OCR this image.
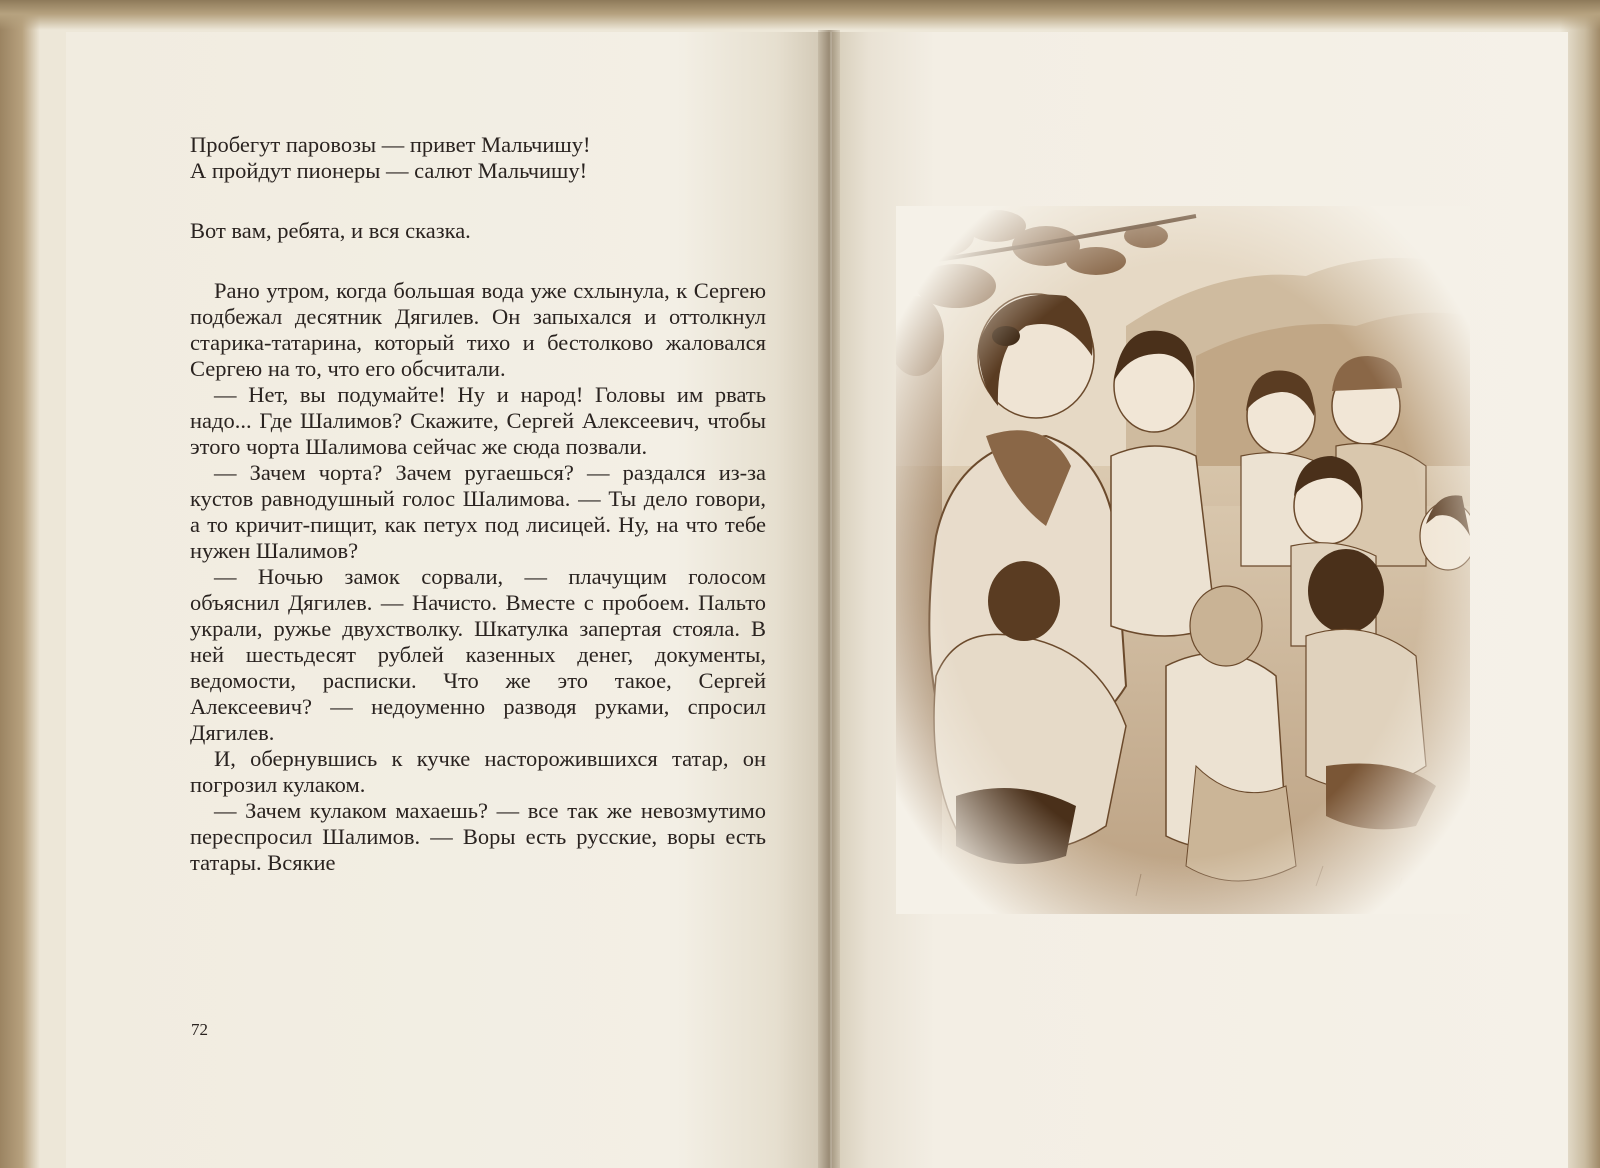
Пробегут паровозы — привет Мальчишу!

А пройдут пионеры — салют Мальчишу!

Вот вам, ребята, и вся сказка.

Рано утром, когда большая вода уже схлынула, к Сергею подбежал десятник Дягилев. Он запыхался и оттолкнул старика-татарина, который тихо и бестолково жаловался Сергею на то, что его обсчитали.

— Нет, вы подумайте! Ну и народ! Головы им рвать надо... Где Шалимов? Скажите, Сергей Алексеевич, чтобы этого чорта Шалимова сейчас же сюда позвали.

— Зачем чорта? Зачем ругаешься? — раздался из-за кустов равнодушный голос Шалимова. — Ты дело говори, а то кричит-пищит, как петух под лисицей. Ну, на что тебе нужен Шалимов?

— Ночью замок сорвали, — плачущим голосом объяснил Дягилев. — Начисто. Вместе с пробоем. Пальто украли, ружье двухстволку. Шкатулка запертая стояла. В ней шестьдесят рублей казенных денег, документы, ведомости, расписки. Что же это такое, Сергей Алексеевич? — недоуменно разводя руками, спросил Дягилев.

И, обернувшись к кучке насторожившихся татар, он погрозил кулаком.

— Зачем кулаком махаешь? — все так же невозмутимо переспросил Шалимов. — Воры есть русские, воры есть татары. Всякие

72
